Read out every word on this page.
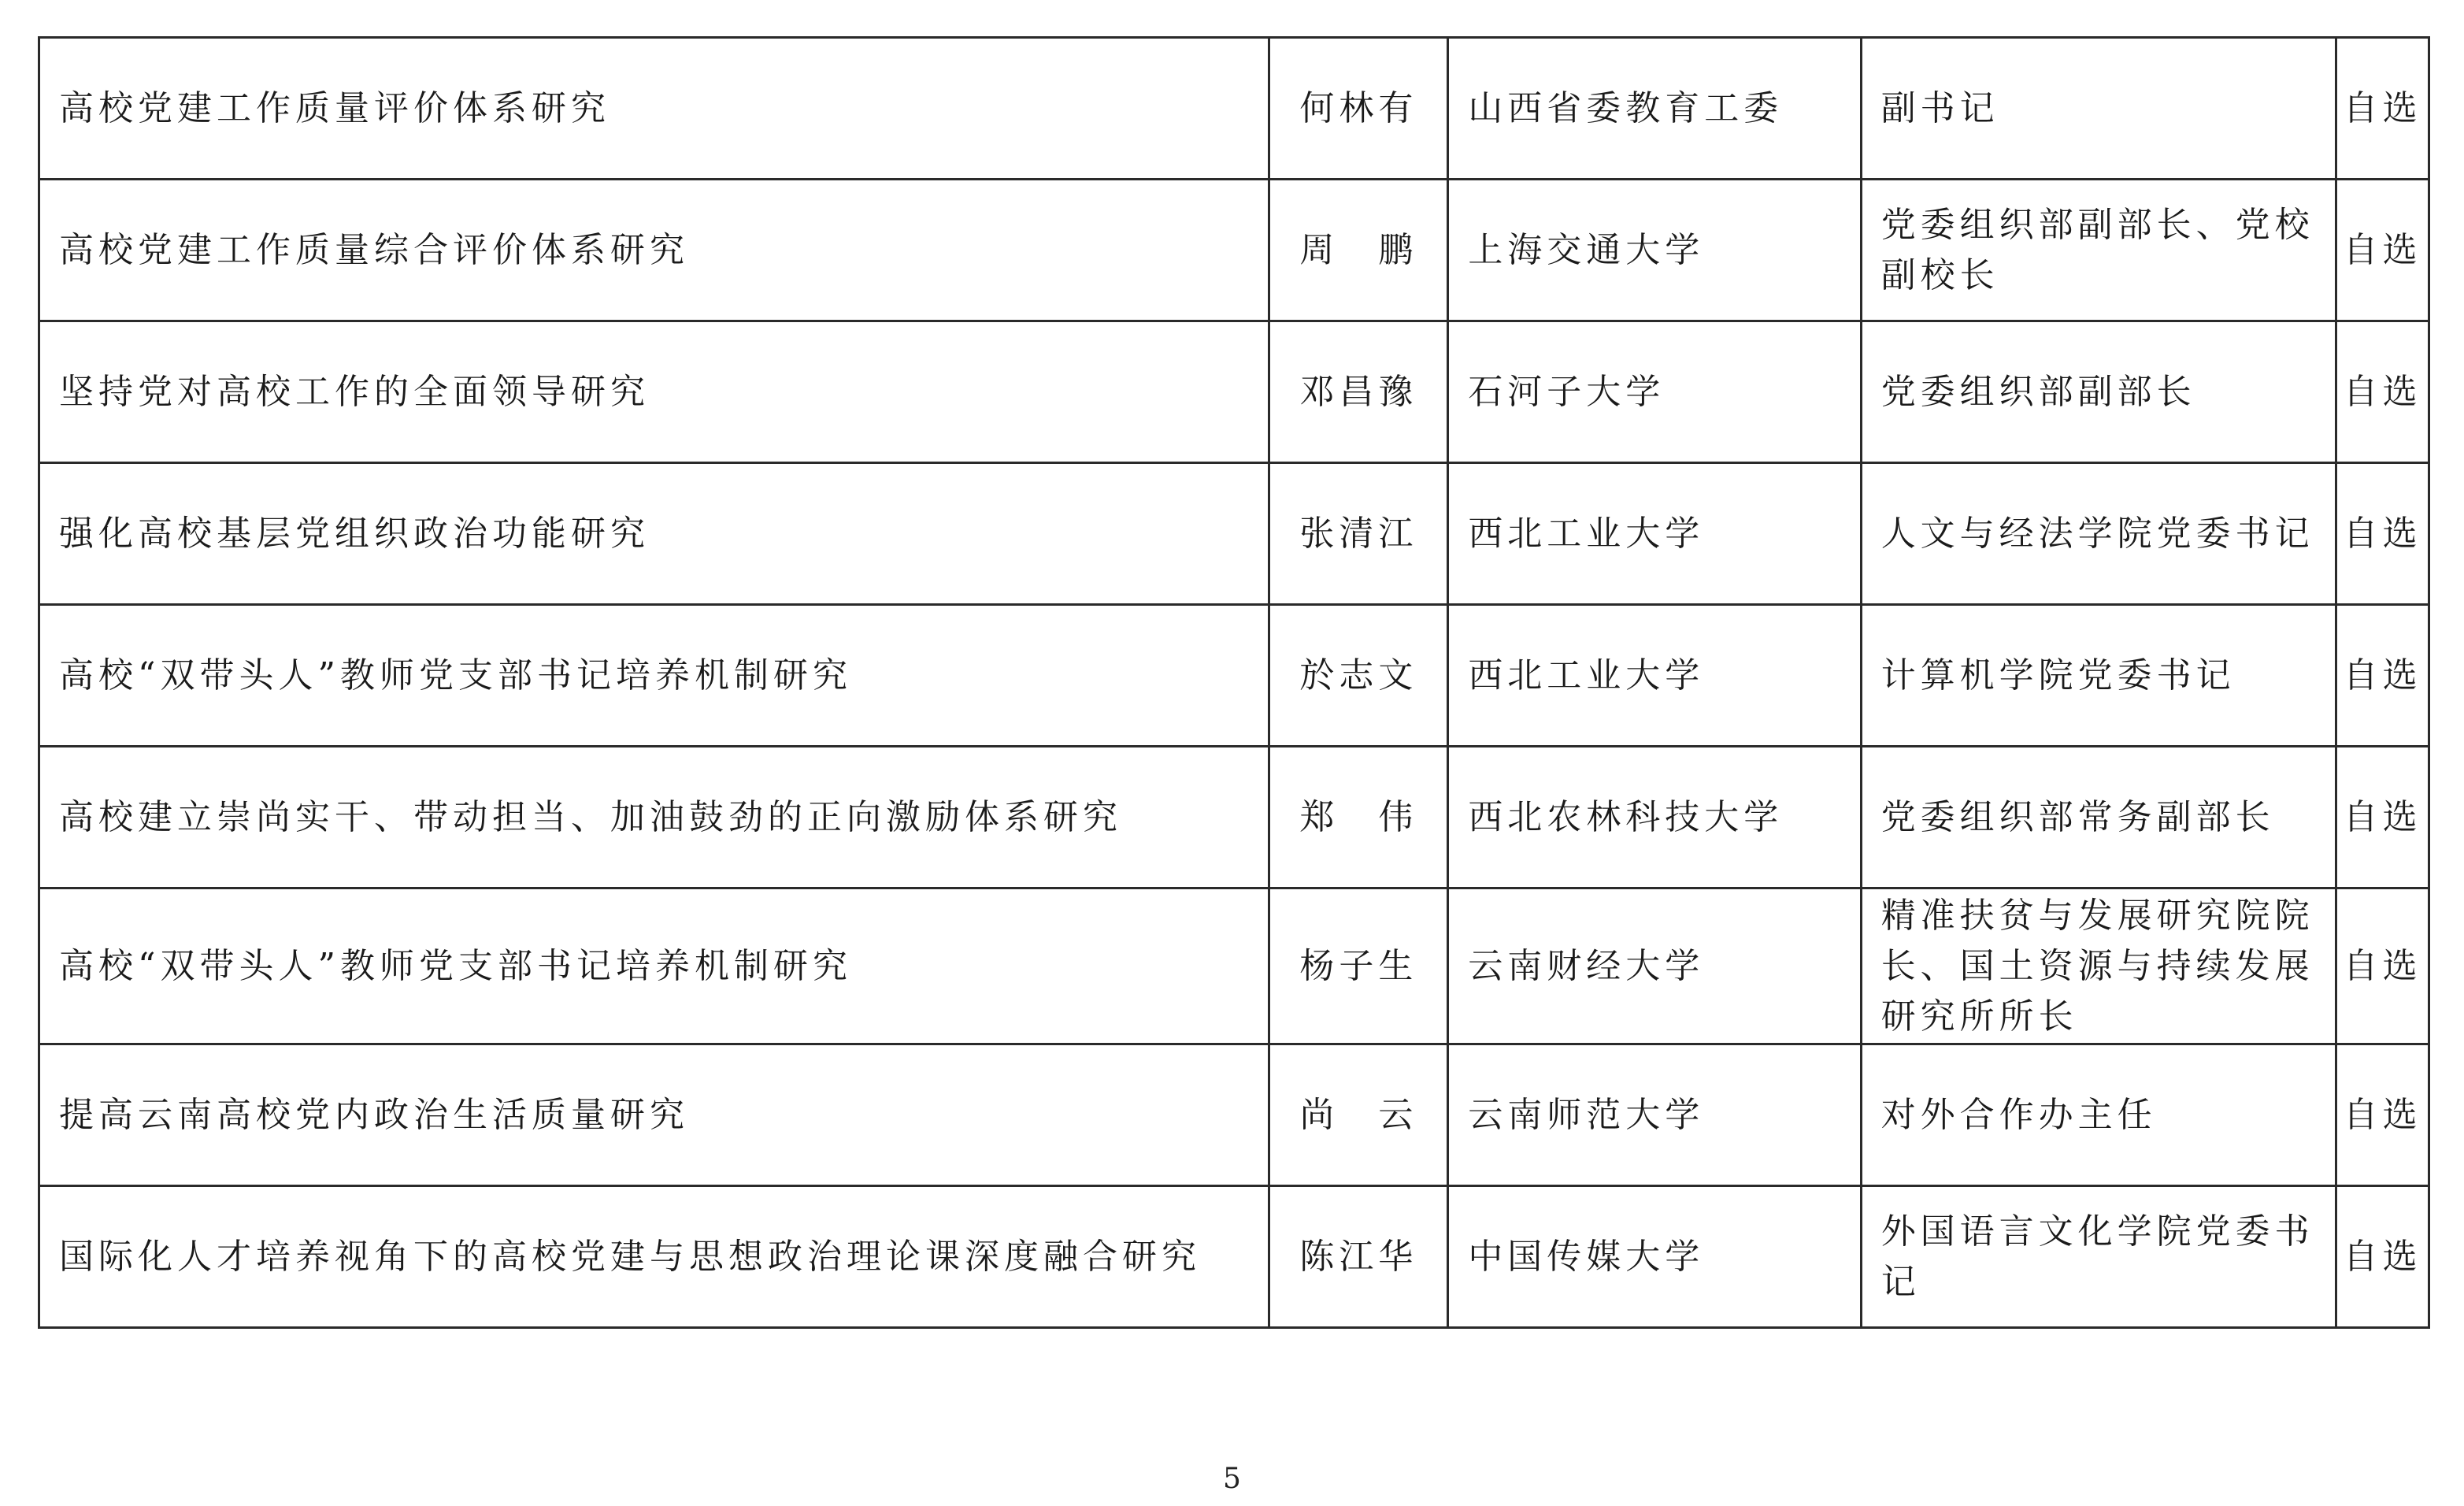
高校党建工作质量评价体系研究	何林有	山西省委教育工委	副书记	自选
高校党建工作质量综合评价体系研究	周　鹏	上海交通大学	党委组织部副部长、党校副校长	自选
坚持党对高校工作的全面领导研究	邓昌豫	石河子大学	党委组织部副部长	自选
强化高校基层党组织政治功能研究	张清江	西北工业大学	人文与经法学院党委书记	自选
高校“双带头人”教师党支部书记培养机制研究	於志文	西北工业大学	计算机学院党委书记	自选
高校建立崇尚实干、带动担当、加油鼓劲的正向激励体系研究	郑　伟	西北农林科技大学	党委组织部常务副部长	自选
高校“双带头人”教师党支部书记培养机制研究	杨子生	云南财经大学	精准扶贫与发展研究院院长、国土资源与持续发展研究所所长	自选
提高云南高校党内政治生活质量研究	尚　云	云南师范大学	对外合作办主任	自选
国际化人才培养视角下的高校党建与思想政治理论课深度融合研究	陈江华	中国传媒大学	外国语言文化学院党委书记	自选
5
